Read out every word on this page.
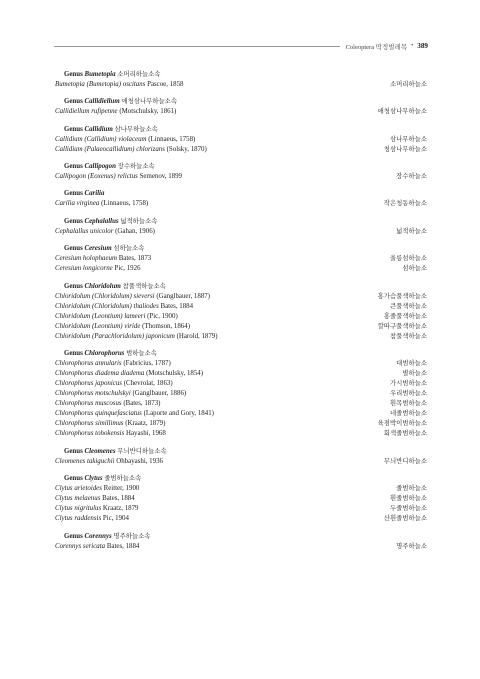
Coleoptera 딱정벌레목 • 389
Genus Bumetopia 소머리하늘소속
Bumetopia (Bumetopia) oscitans Pascoe, 1858	소머리하늘소
Genus Callidiellum 애청삼나무하늘소속
Callidiellum rufipenne (Motschulsky, 1861)	애청삼나무하늘소
Genus Callidium 삼나무하늘소속
Callidium (Callidium) violaceum (Linnaeus, 1758)	삼나무하늘소
Callidium (Palaeocallidium) chlorizans (Solsky, 1870)	청삼나무하늘소
Genus Callipogon 장수하늘소속
Callipogon (Eoxenus) relictus Semenov, 1899	장수하늘소
Genus Carilia
Carilia virginea (Linnaeus, 1758)	작은청동하늘소
Genus Cephalallus 넓적하늘소속
Cephalallus unicolor (Gahan, 1906)	넓적하늘소
Genus Ceresium 섬하늘소속
Ceresium holophaeum Bates, 1873	울릉섬하늘소
Ceresium longicorne Pic, 1926	섬하늘소
Genus Chloridolum 참풀색하늘소속
Chloridolum (Chloridolum) sieversi (Ganglbauer, 1887)	홍가슴풀색하늘소
Chloridolum (Chloridolum) thaliodes Bates, 1884	큰풀색하늘소
Chloridolum (Leontium) lameeri (Pic, 1900)	홍줄풀색하늘소
Chloridolum (Leontium) viride (Thomson, 1864)	깔따구풀색하늘소
Chloridolum (Parachloridolum) japonicum (Harold, 1879)	참풀색하늘소
Genus Chlorophorus 범하늘소속
Chlorophorus annularis (Fabricius, 1787)	대범하늘소
Chlorophorus diadema diadema (Motschulsky, 1854)	별하늘소
Chlorophorus japonicus (Chevrolat, 1863)	가시범하늘소
Chlorophorus motschulskyi (Ganglbauer, 1886)	우리범하늘소
Chlorophorus muscosus (Bates, 1873)	흰목범하늘소
Chlorophorus quinquefasciatus (Laporte and Gory, 1841)	네줄범하늘소
Chlorophorus simillimus (Kraatz, 1879)	육점박이범하늘소
Chlorophorus tohokensis Hayashi, 1968	회색줄범하늘소
Genus Cleomenes 무늬반디하늘소속
Cleomenes takiguchii Ohbayashi, 1936	무늬반디하늘소
Genus Clytus 줄범하늘소속
Clytus arietoides Reitter, 1900	줄범하늘소
Clytus melaenus Bates, 1884	흰줄범하늘소
Clytus nigritulus Kraatz, 1879	두줄범하늘소
Clytus raddensis Pic, 1904	산흰줄범하늘소
Genus Corennys 명주하늘소속
Corennys sericata Bates, 1884	명주하늘소
